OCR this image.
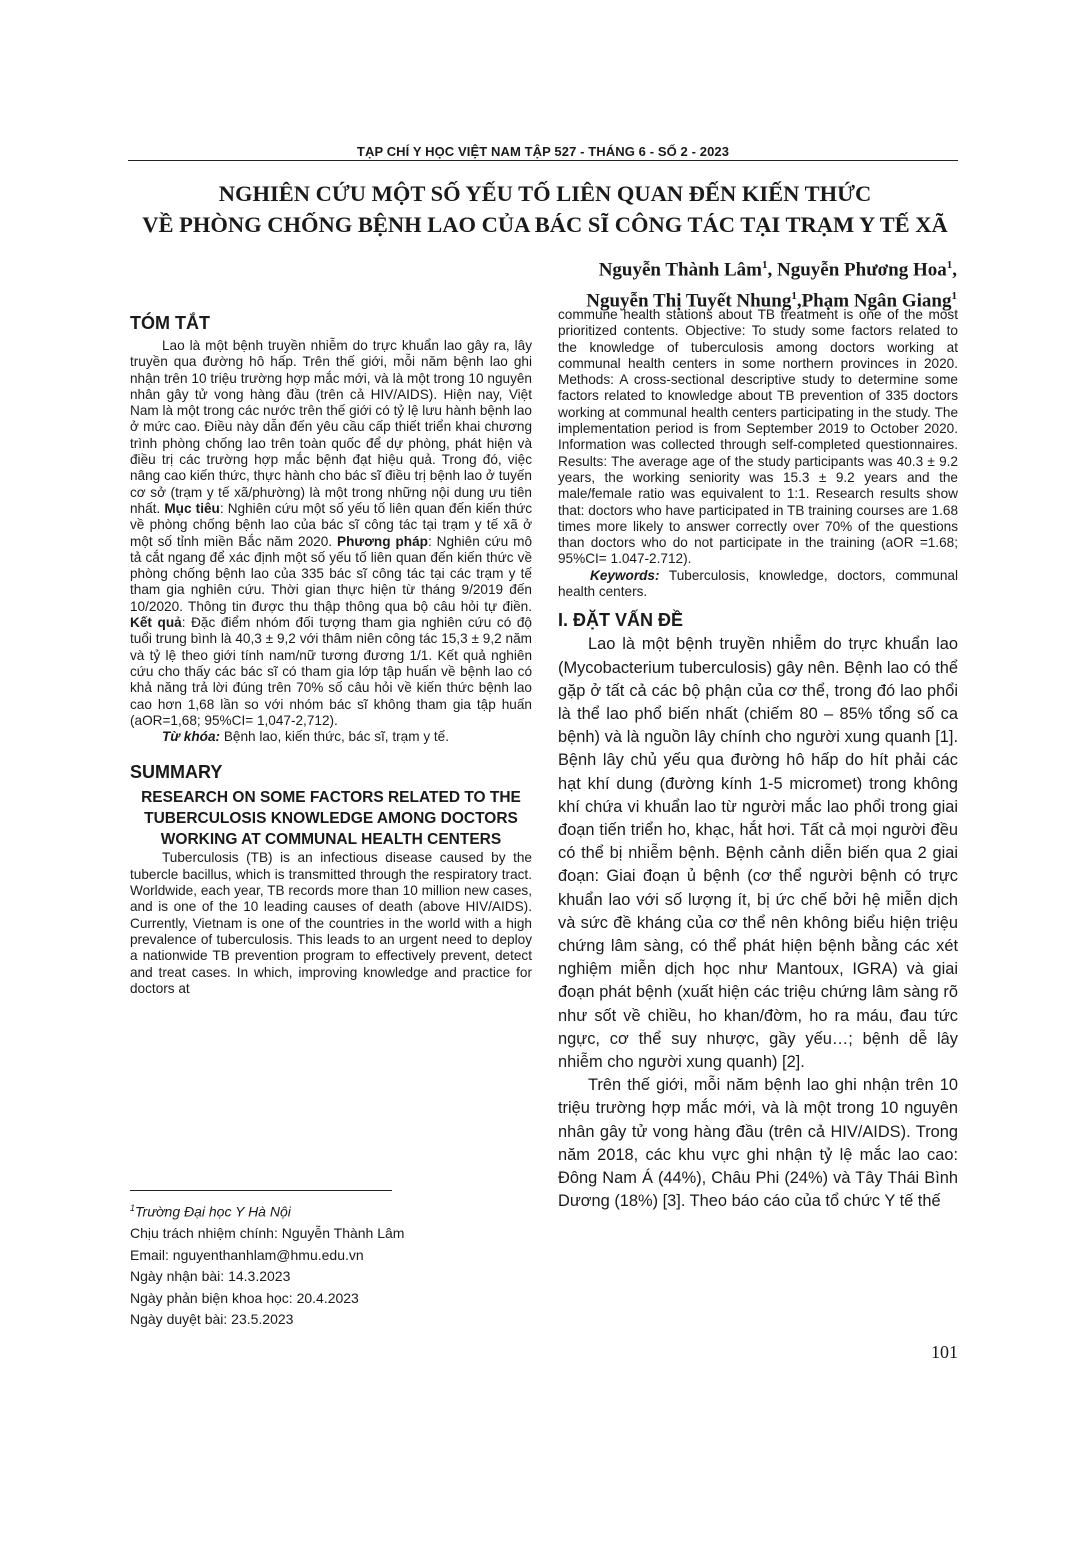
TẠP CHÍ Y HỌC VIỆT NAM TẬP 527 - THÁNG 6 - SỐ 2 - 2023
NGHIÊN CỨU MỘT SỐ YẾU TỐ LIÊN QUAN ĐẾN KIẾN THỨC
VỀ PHÒNG CHỐNG BỆNH LAO CỦA BÁC SĨ CÔNG TÁC TẠI TRẠM Y TẾ XÃ
Nguyễn Thành Lâm$^1$, Nguyễn Phương Hoa$^1$,
Nguyễn Thị Tuyết Nhung$^1$,Phạm Ngân Giang$^1$
TÓM TẮT

Lao là một bệnh truyền nhiễm do trực khuẩn lao gây ra, lây truyền qua đường hô hấp. Trên thế giới, mỗi năm bệnh lao ghi nhận trên 10 triệu trường hợp mắc mới, và là một trong 10 nguyên nhân gây tử vong hàng đầu (trên cả HIV/AIDS). Hiện nay, Việt Nam là một trong các nước trên thế giới có tỷ lệ lưu hành bệnh lao ở mức cao. Điều này dẫn đến yêu cầu cấp thiết triển khai chương trình phòng chống lao trên toàn quốc để dự phòng, phát hiện và điều trị các trường hợp mắc bệnh đạt hiệu quả. Trong đó, việc nâng cao kiến thức, thực hành cho bác sĩ điều trị bệnh lao ở tuyến cơ sở (trạm y tế xã/phường) là một trong những nội dung ưu tiên nhất. Mục tiêu: Nghiên cứu một số yếu tố liên quan đến kiến thức về phòng chống bệnh lao của bác sĩ công tác tại trạm y tế xã ở một số tỉnh miền Bắc năm 2020. Phương pháp: Nghiên cứu mô tả cắt ngang để xác định một số yếu tố liên quan đến kiến thức về phòng chống bệnh lao của 335 bác sĩ công tác tại các trạm y tế tham gia nghiên cứu. Thời gian thực hiện từ tháng 9/2019 đến 10/2020. Thông tin được thu thập thông qua bộ câu hỏi tự điền. Kết quả: Đặc điểm nhóm đối tượng tham gia nghiên cứu có độ tuổi trung bình là 40,3 ± 9,2 với thâm niên công tác 15,3 ± 9,2 năm và tỷ lệ theo giới tính nam/nữ tương đương 1/1. Kết quả nghiên cứu cho thấy các bác sĩ có tham gia lớp tập huấn về bệnh lao có khả năng trả lời đúng trên 70% số câu hỏi về kiến thức bệnh lao cao hơn 1,68 lần so với nhóm bác sĩ không tham gia tập huấn (aOR=1,68; 95%CI= 1,047-2,712).

Từ khóa: Bệnh lao, kiến thức, bác sĩ, trạm y tế.

SUMMARY
RESEARCH ON SOME FACTORS RELATED TO THE TUBERCULOSIS KNOWLEDGE AMONG DOCTORS WORKING AT COMMUNAL HEALTH CENTERS

Tuberculosis (TB) is an infectious disease caused by the tubercle bacillus, which is transmitted through the respiratory tract. Worldwide, each year, TB records more than 10 million new cases, and is one of the 10 leading causes of death (above HIV/AIDS). Currently, Vietnam is one of the countries in the world with a high prevalence of tuberculosis. This leads to an urgent need to deploy a nationwide TB prevention program to effectively prevent, detect and treat cases. In which, improving knowledge and practice for doctors at

$^1$Trường Đại học Y Hà Nội
Chịu trách nhiệm chính: Nguyễn Thành Lâm
Email: nguyenthanhlam@hmu.edu.vn
Ngày nhận bài: 14.3.2023
Ngày phản biện khoa học: 20.4.2023
Ngày duyệt bài: 23.5.2023

commune health stations about TB treatment is one of the most prioritized contents. Objective: To study some factors related to the knowledge of tuberculosis among doctors working at communal health centers in some northern provinces in 2020. Methods: A cross-sectional descriptive study to determine some factors related to knowledge about TB prevention of 335 doctors working at communal health centers participating in the study. The implementation period is from September 2019 to October 2020. Information was collected through self-completed questionnaires. Results: The average age of the study participants was 40.3 ± 9.2 years, the working seniority was 15.3 ± 9.2 years and the male/female ratio was equivalent to 1:1. Research results show that: doctors who have participated in TB training courses are 1.68 times more likely to answer correctly over 70% of the questions than doctors who do not participate in the training (aOR =1.68; 95%CI= 1.047-2.712).

Keywords: Tuberculosis, knowledge, doctors, communal health centers.

I. ĐẶT VẤN ĐỀ

Lao là một bệnh truyền nhiễm do trực khuẩn lao (Mycobacterium tuberculosis) gây nên. Bệnh lao có thể gặp ở tất cả các bộ phận của cơ thể, trong đó lao phổi là thể lao phổ biến nhất (chiếm 80 – 85% tổng số ca bệnh) và là nguồn lây chính cho người xung quanh [1]. Bệnh lây chủ yếu qua đường hô hấp do hít phải các hạt khí dung (đường kính 1-5 micromet) trong không khí chứa vi khuẩn lao từ người mắc lao phổi trong giai đoạn tiến triển ho, khạc, hắt hơi. Tất cả mọi người đều có thể bị nhiễm bệnh. Bệnh cảnh diễn biến qua 2 giai đoạn: Giai đoạn ủ bệnh (cơ thể người bệnh có trực khuẩn lao với số lượng ít, bị ức chế bởi hệ miễn dịch và sức đề kháng của cơ thể nên không biểu hiện triệu chứng lâm sàng, có thể phát hiện bệnh bằng các xét nghiệm miễn dịch học như Mantoux, IGRA) và giai đoạn phát bệnh (xuất hiện các triệu chứng lâm sàng rõ như sốt về chiều, ho khan/đờm, ho ra máu, đau tức ngực, cơ thể suy nhược, gầy yếu…; bệnh dễ lây nhiễm cho người xung quanh) [2].

Trên thế giới, mỗi năm bệnh lao ghi nhận trên 10 triệu trường hợp mắc mới, và là một trong 10 nguyên nhân gây tử vong hàng đầu (trên cả HIV/AIDS). Trong năm 2018, các khu vực ghi nhận tỷ lệ mắc lao cao: Đông Nam Á (44%), Châu Phi (24%) và Tây Thái Bình Dương (18%) [3]. Theo báo cáo của tổ chức Y tế thế

101
